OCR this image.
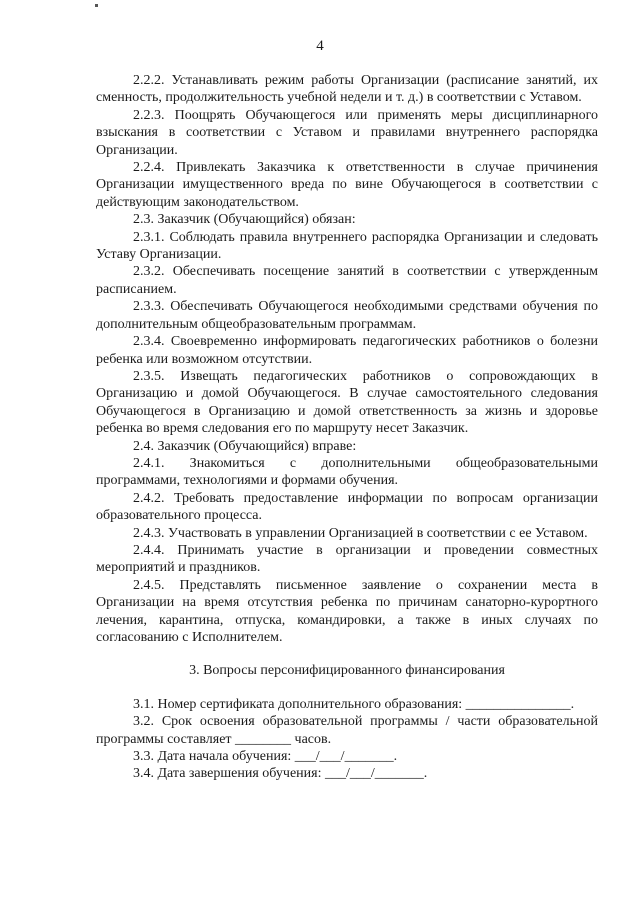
4

2.2.2. Устанавливать режим работы Организации (расписание занятий, их сменность, продолжительность учебной недели и т. д.) в соответствии с Уставом.

2.2.3. Поощрять Обучающегося или применять меры дисциплинарного взыскания в соответствии с Уставом и правилами внутреннего распорядка Организации.

2.2.4. Привлекать Заказчика к ответственности в случае причинения Организации имущественного вреда по вине Обучающегося в соответствии с действующим законодательством.

2.3. Заказчик (Обучающийся) обязан:

2.3.1. Соблюдать правила внутреннего распорядка Организации и следовать Уставу Организации.

2.3.2. Обеспечивать посещение занятий в соответствии с утвержденным расписанием.

2.3.3. Обеспечивать Обучающегося необходимыми средствами обучения по дополнительным общеобразовательным программам.

2.3.4. Своевременно информировать педагогических работников о болезни ребенка или возможном отсутствии.

2.3.5. Извещать педагогических работников о сопровождающих в Организацию и домой Обучающегося. В случае самостоятельного следования Обучающегося в Организацию и домой ответственность за жизнь и здоровье ребенка во время следования его по маршруту несет Заказчик.

2.4. Заказчик (Обучающийся) вправе:

2.4.1. Знакомиться с дополнительными общеобразовательными программами, технологиями и формами обучения.

2.4.2. Требовать предоставление информации по вопросам организации образовательного процесса.

2.4.3. Участвовать в управлении Организацией в соответствии с ее Уставом.

2.4.4. Принимать участие в организации и проведении совместных мероприятий и праздников.

2.4.5. Представлять письменное заявление о сохранении места в Организации на время отсутствия ребенка по причинам санаторно-курортного лечения, карантина, отпуска, командировки, а также в иных случаях по согласованию с Исполнителем.

3. Вопросы персонифицированного финансирования

3.1. Номер сертификата дополнительного образования: _______________.

3.2. Срок освоения образовательной программы / части образовательной программы составляет ________ часов.

3.3. Дата начала обучения: ___/___/_______.

3.4. Дата завершения обучения: ___/___/_______.
